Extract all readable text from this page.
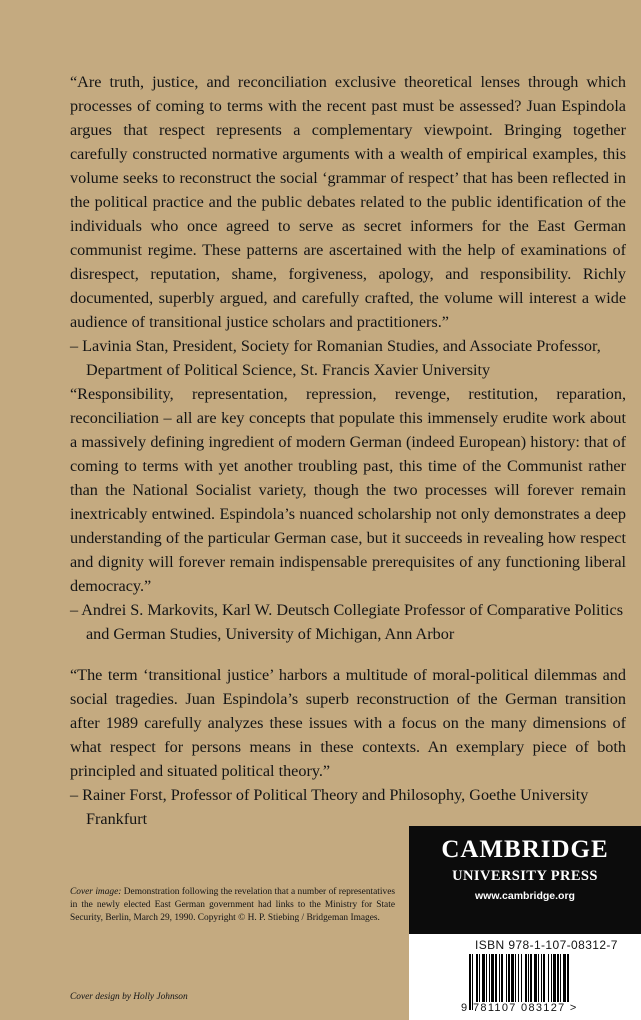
“Are truth, justice, and reconciliation exclusive theoretical lenses through which processes of coming to terms with the recent past must be assessed? Juan Espindola argues that respect represents a complementary viewpoint. Bringing together carefully constructed normative arguments with a wealth of empirical examples, this volume seeks to reconstruct the social ‘grammar of respect’ that has been reflected in the political practice and the public debates related to the public identification of the individuals who once agreed to serve as secret informers for the East German communist regime. These patterns are ascertained with the help of examinations of disrespect, reputation, shame, forgiveness, apology, and responsibility. Richly documented, superbly argued, and carefully crafted, the volume will interest a wide audience of transitional justice scholars and practitioners.”

– Lavinia Stan, President, Society for Romanian Studies, and Associate Professor, Department of Political Science, St. Francis Xavier University

“Responsibility, representation, repression, revenge, restitution, reparation, reconciliation – all are key concepts that populate this immensely erudite work about a massively defining ingredient of modern German (indeed European) history: that of coming to terms with yet another troubling past, this time of the Communist rather than the National Socialist variety, though the two processes will forever remain inextricably entwined. Espindola’s nuanced scholarship not only demonstrates a deep understanding of the particular German case, but it succeeds in revealing how respect and dignity will forever remain indispensable prerequisites of any functioning liberal democracy.”

– Andrei S. Markovits, Karl W. Deutsch Collegiate Professor of Comparative Politics and German Studies, University of Michigan, Ann Arbor

“The term ‘transitional justice’ harbors a multitude of moral-political dilemmas and social tragedies. Juan Espindola’s superb reconstruction of the German transition after 1989 carefully analyzes these issues with a focus on the many dimensions of what respect for persons means in these contexts. An exemplary piece of both principled and situated political theory.”

– Rainer Forst, Professor of Political Theory and Philosophy, Goethe University Frankfurt

Cover image: Demonstration following the revelation that a number of representatives in the newly elected East German government had links to the Ministry for State Security, Berlin, March 29, 1990. Copyright © H. P. Stiebing / Bridgeman Images.
Cover design by Holly Johnson
CAMBRIDGE
UNIVERSITY PRESS
www.cambridge.org
ISBN 978-1-107-08312-7
9 781107 083127 >
